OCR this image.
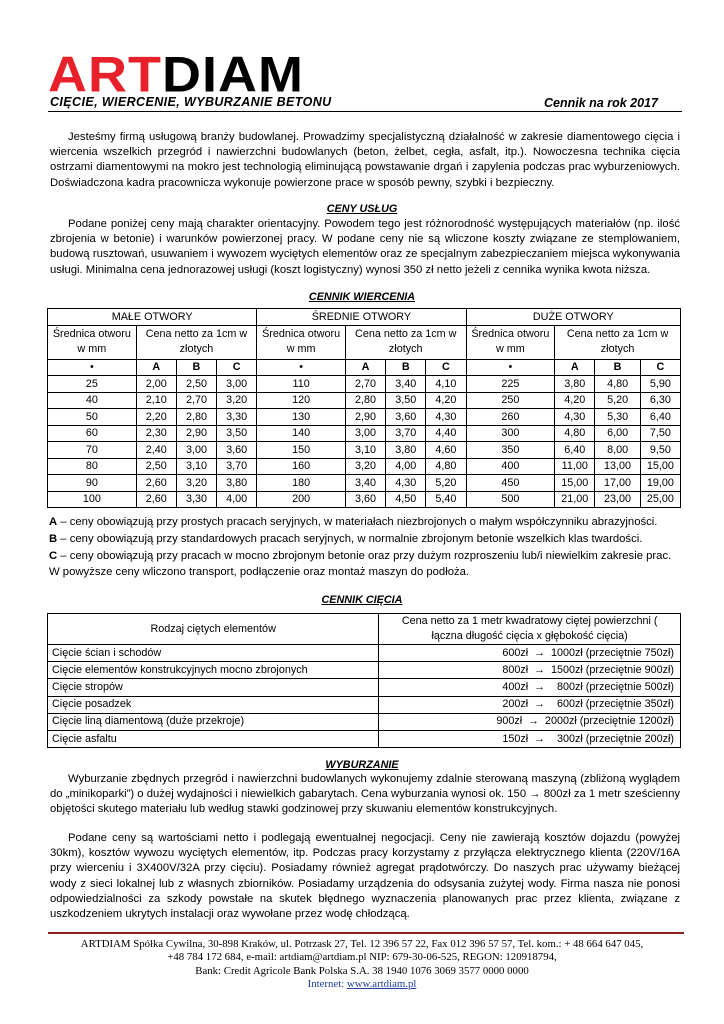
ART DIAM
CIĘCIE, WIERCENIE, WYBURZANIE BETONU	Cennik na rok 2017
Jesteśmy firmą usługową branży budowlanej. Prowadzimy specjalistyczną działalność w zakresie diamentowego cięcia i wiercenia wszelkich przegród i nawierzchni budowlanych (beton, żelbet, cegła, asfalt, itp.). Nowoczesna technika cięcia ostrzami diamentowymi na mokro jest technologią eliminującą powstawanie drgań i zapylenia podczas prac wyburzeniowych. Doświadczona kadra pracownicza wykonuje powierzone prace w sposób pewny, szybki i bezpieczny.
CENY USŁUG
Podane poniżej ceny mają charakter orientacyjny. Powodem tego jest różnorodność występujących materiałów (np. ilość zbrojenia w betonie) i warunków powierzonej pracy. W podane ceny nie są wliczone koszty związane ze stemplowaniem, budową rusztowań, usuwaniem i wywozem wyciętych elementów oraz ze specjalnym zabezpieczaniem miejsca wykonywania usługi. Minimalna cena jednorazowej usługi (koszt logistyczny) wynosi 350 zł netto jeżeli z cennika wynika kwota niższa.
CENNIK WIERCENIA
MAŁE OTWORY				ŚREDNIE OTWORY				DUŻE OTWORY			
Średnica otworu w mm	Cena netto za 1cm w złotych			Średnica otworu w mm	Cena netto za 1cm w złotych			Średnica otworu w mm	Cena netto za 1cm w złotych		
•	A	B	C	•	A	B	C	•	A	B	C
25	2,00	2,50	3,00	110	2,70	3,40	4,10	225	3,80	4,80	5,90
40	2,10	2,70	3,20	120	2,80	3,50	4,20	250	4,20	5,20	6,30
50	2,20	2,80	3,30	130	2,90	3,60	4,30	260	4,30	5,30	6,40
60	2,30	2,90	3,50	140	3,00	3,70	4,40	300	4,80	6,00	7,50
70	2,40	3,00	3,60	150	3,10	3,80	4,60	350	6,40	8,00	9,50
80	2,50	3,10	3,70	160	3,20	4,00	4,80	400	11,00	13,00	15,00
90	2,60	3,20	3,80	180	3,40	4,30	5,20	450	15,00	17,00	19,00
100	2,60	3,30	4,00	200	3,60	4,50	5,40	500	21,00	23,00	25,00
A – ceny obowiązują przy prostych pracach seryjnych, w materiałach niezbrojonych o małym współczynniku abrazyjności.
B – ceny obowiązują przy standardowych pracach seryjnych, w normalnie zbrojonym betonie wszelkich klas twardości.
C – ceny obowiązują przy pracach w mocno zbrojonym betonie oraz przy dużym rozproszeniu lub/i niewielkim zakresie prac.
W powyższe ceny wliczono transport, podłączenie oraz montaż maszyn do podłoża.
CENNIK CIĘCIA
Rodzaj ciętych elementów	Cena netto za 1 metr kwadratowy ciętej powierzchni ( łączna długość cięcia x głębokość cięcia)
Cięcie ścian i schodów	600zł  →  1000zł (przeciętnie 750zł)
Cięcie elementów konstrukcyjnych mocno zbrojonych	800zł  →  1500zł (przeciętnie 900zł)
Cięcie stropów	400zł  →    800zł (przeciętnie 500zł)
Cięcie posadzek	200zł  →    600zł (przeciętnie 350zł)
Cięcie liną diamentową (duże przekroje)	900zł  →  2000zł (przeciętnie 1200zł)
Cięcie asfaltu	150zł  →    300zł (przeciętnie 200zł)
WYBURZANIE
Wyburzanie zbędnych przegród i nawierzchni budowlanych wykonujemy zdalnie sterowaną maszyną (zbliżoną wyglądem do „minikoparki”) o dużej wydajności i niewielkich gabarytach. Cena wyburzania wynosi ok. 150 → 800zł za 1 metr sześcienny objętości skutego materiału lub według stawki godzinowej przy skuwaniu elementów konstrukcyjnych.
Podane ceny są wartościami netto i podlegają ewentualnej negocjacji. Ceny nie zawierają kosztów dojazdu (powyżej 30km), kosztów wywozu wyciętych elementów, itp. Podczas pracy korzystamy z przyłącza elektrycznego klienta (220V/16A przy wierceniu i 3X400V/32A przy cięciu). Posiadamy również agregat prądotwórczy. Do naszych prac używamy bieżącej wody z sieci lokalnej lub z własnych zbiorników. Posiadamy urządzenia do odsysania zużytej wody. Firma nasza nie ponosi odpowiedzialności za szkody powstałe na skutek błędnego wyznaczenia planowanych prac przez klienta, związane z uszkodzeniem ukrytych instalacji oraz wywołane przez wodę chłodzącą.
ARTDIAM Spółka Cywilna, 30-898 Kraków, ul. Potrzask 27, Tel. 12 396 57 22, Fax 012 396 57 57, Tel. kom.: + 48 664 647 045,
+48 784 172 684, e-mail: artdiam@artdiam.pl NIP: 679-30-06-525, REGON: 120918794,
Bank: Credit Agricole Bank Polska S.A. 38 1940 1076 3069 3577 0000 0000
Internet: www.artdiam.pl
